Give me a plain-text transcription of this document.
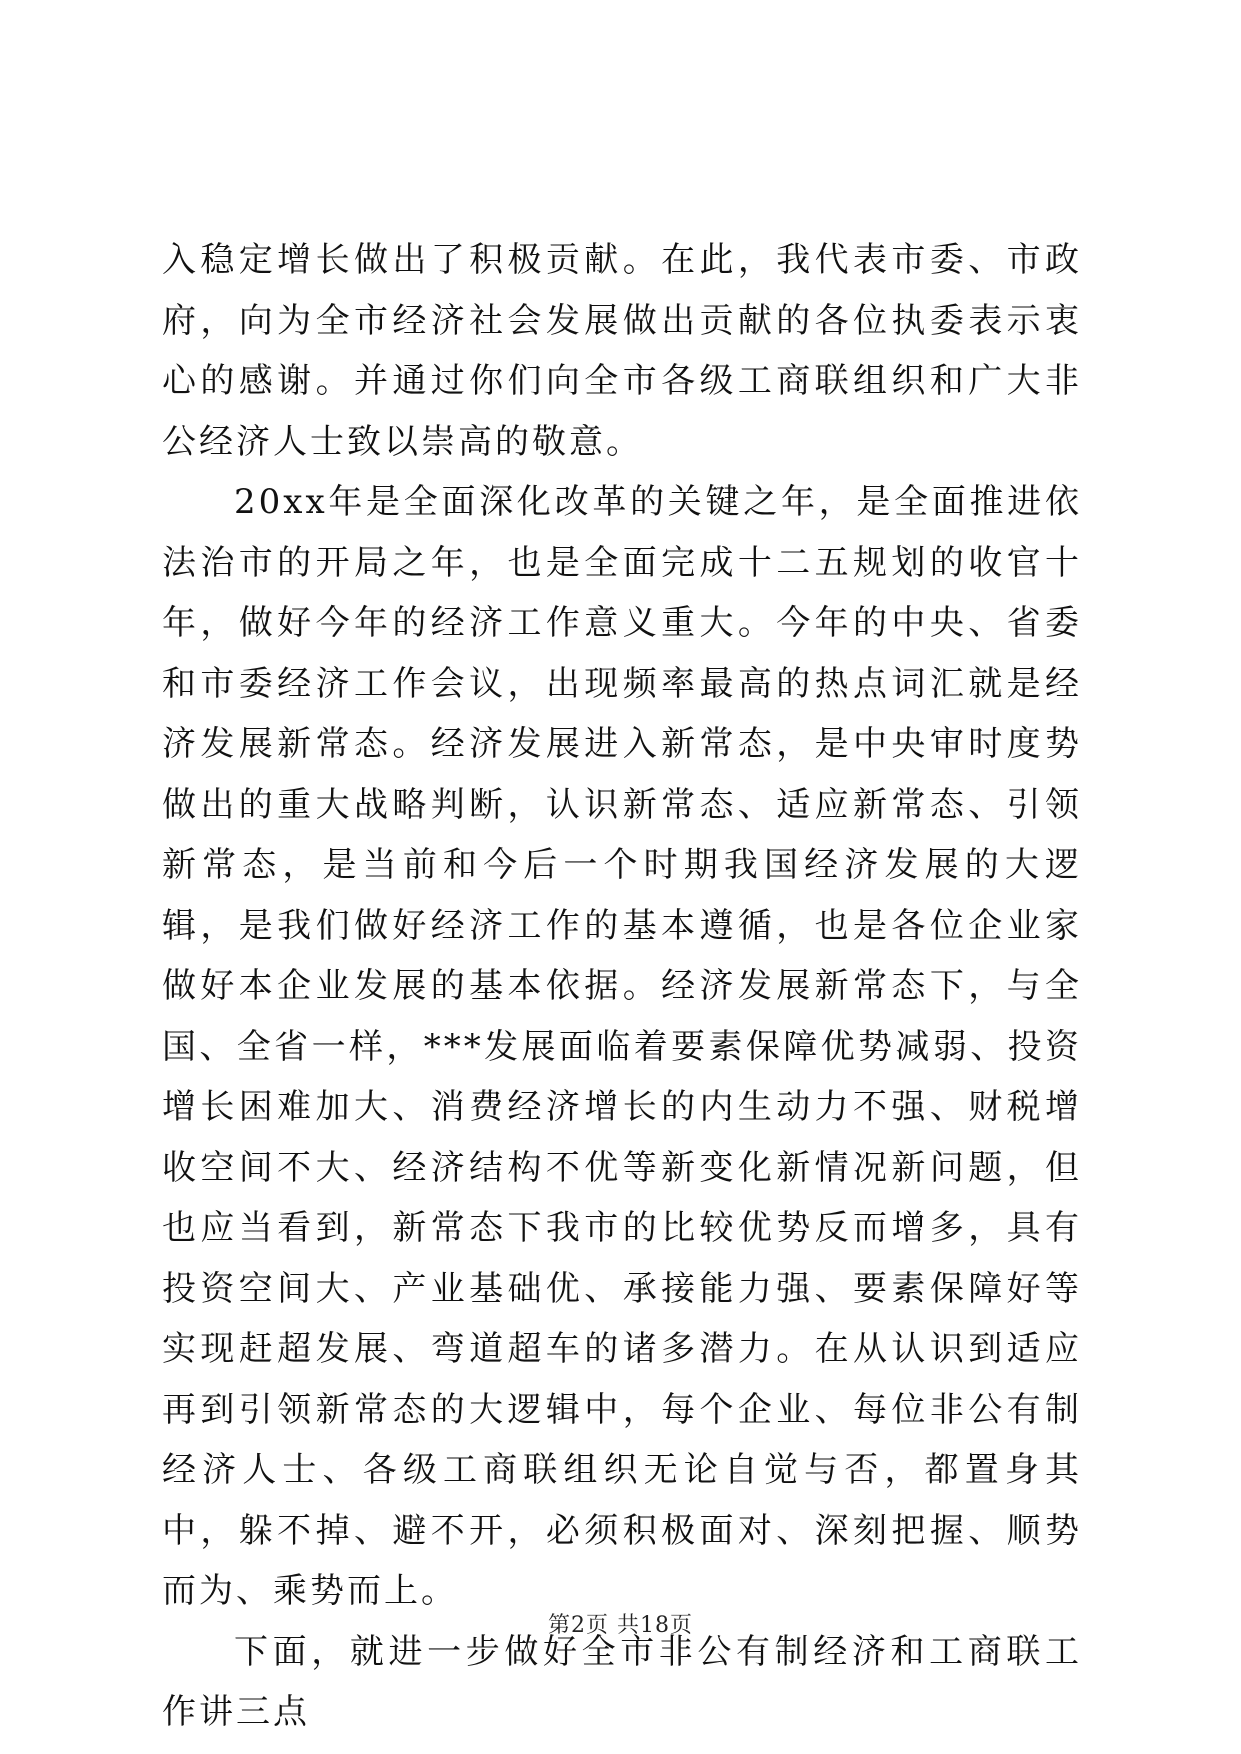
入稳定增长做出了积极贡献。在此，我代表市委、市政府，向为全市经济社会发展做出贡献的各位执委表示衷心的感谢。并通过你们向全市各级工商联组织和广大非公经济人士致以崇高的敬意。

20xx年是全面深化改革的关键之年，是全面推进依法治市的开局之年，也是全面完成十二五规划的收官十年，做好今年的经济工作意义重大。今年的中央、省委和市委经济工作会议，出现频率最高的热点词汇就是经济发展新常态。经济发展进入新常态，是中央审时度势做出的重大战略判断，认识新常态、适应新常态、引领新常态，是当前和今后一个时期我国经济发展的大逻辑，是我们做好经济工作的基本遵循，也是各位企业家做好本企业发展的基本依据。经济发展新常态下，与全国、全省一样，***发展面临着要素保障优势减弱、投资增长困难加大、消费经济增长的内生动力不强、财税增收空间不大、经济结构不优等新变化新情况新问题，但也应当看到，新常态下我市的比较优势反而增多，具有投资空间大、产业基础优、承接能力强、要素保障好等实现赶超发展、弯道超车的诸多潜力。在从认识到适应再到引领新常态的大逻辑中，每个企业、每位非公有制经济人士、各级工商联组织无论自觉与否，都置身其中，躲不掉、避不开，必须积极面对、深刻把握、顺势而为、乘势而上。

下面，就进一步做好全市非公有制经济和工商联工作讲三点

第2页 共18页
